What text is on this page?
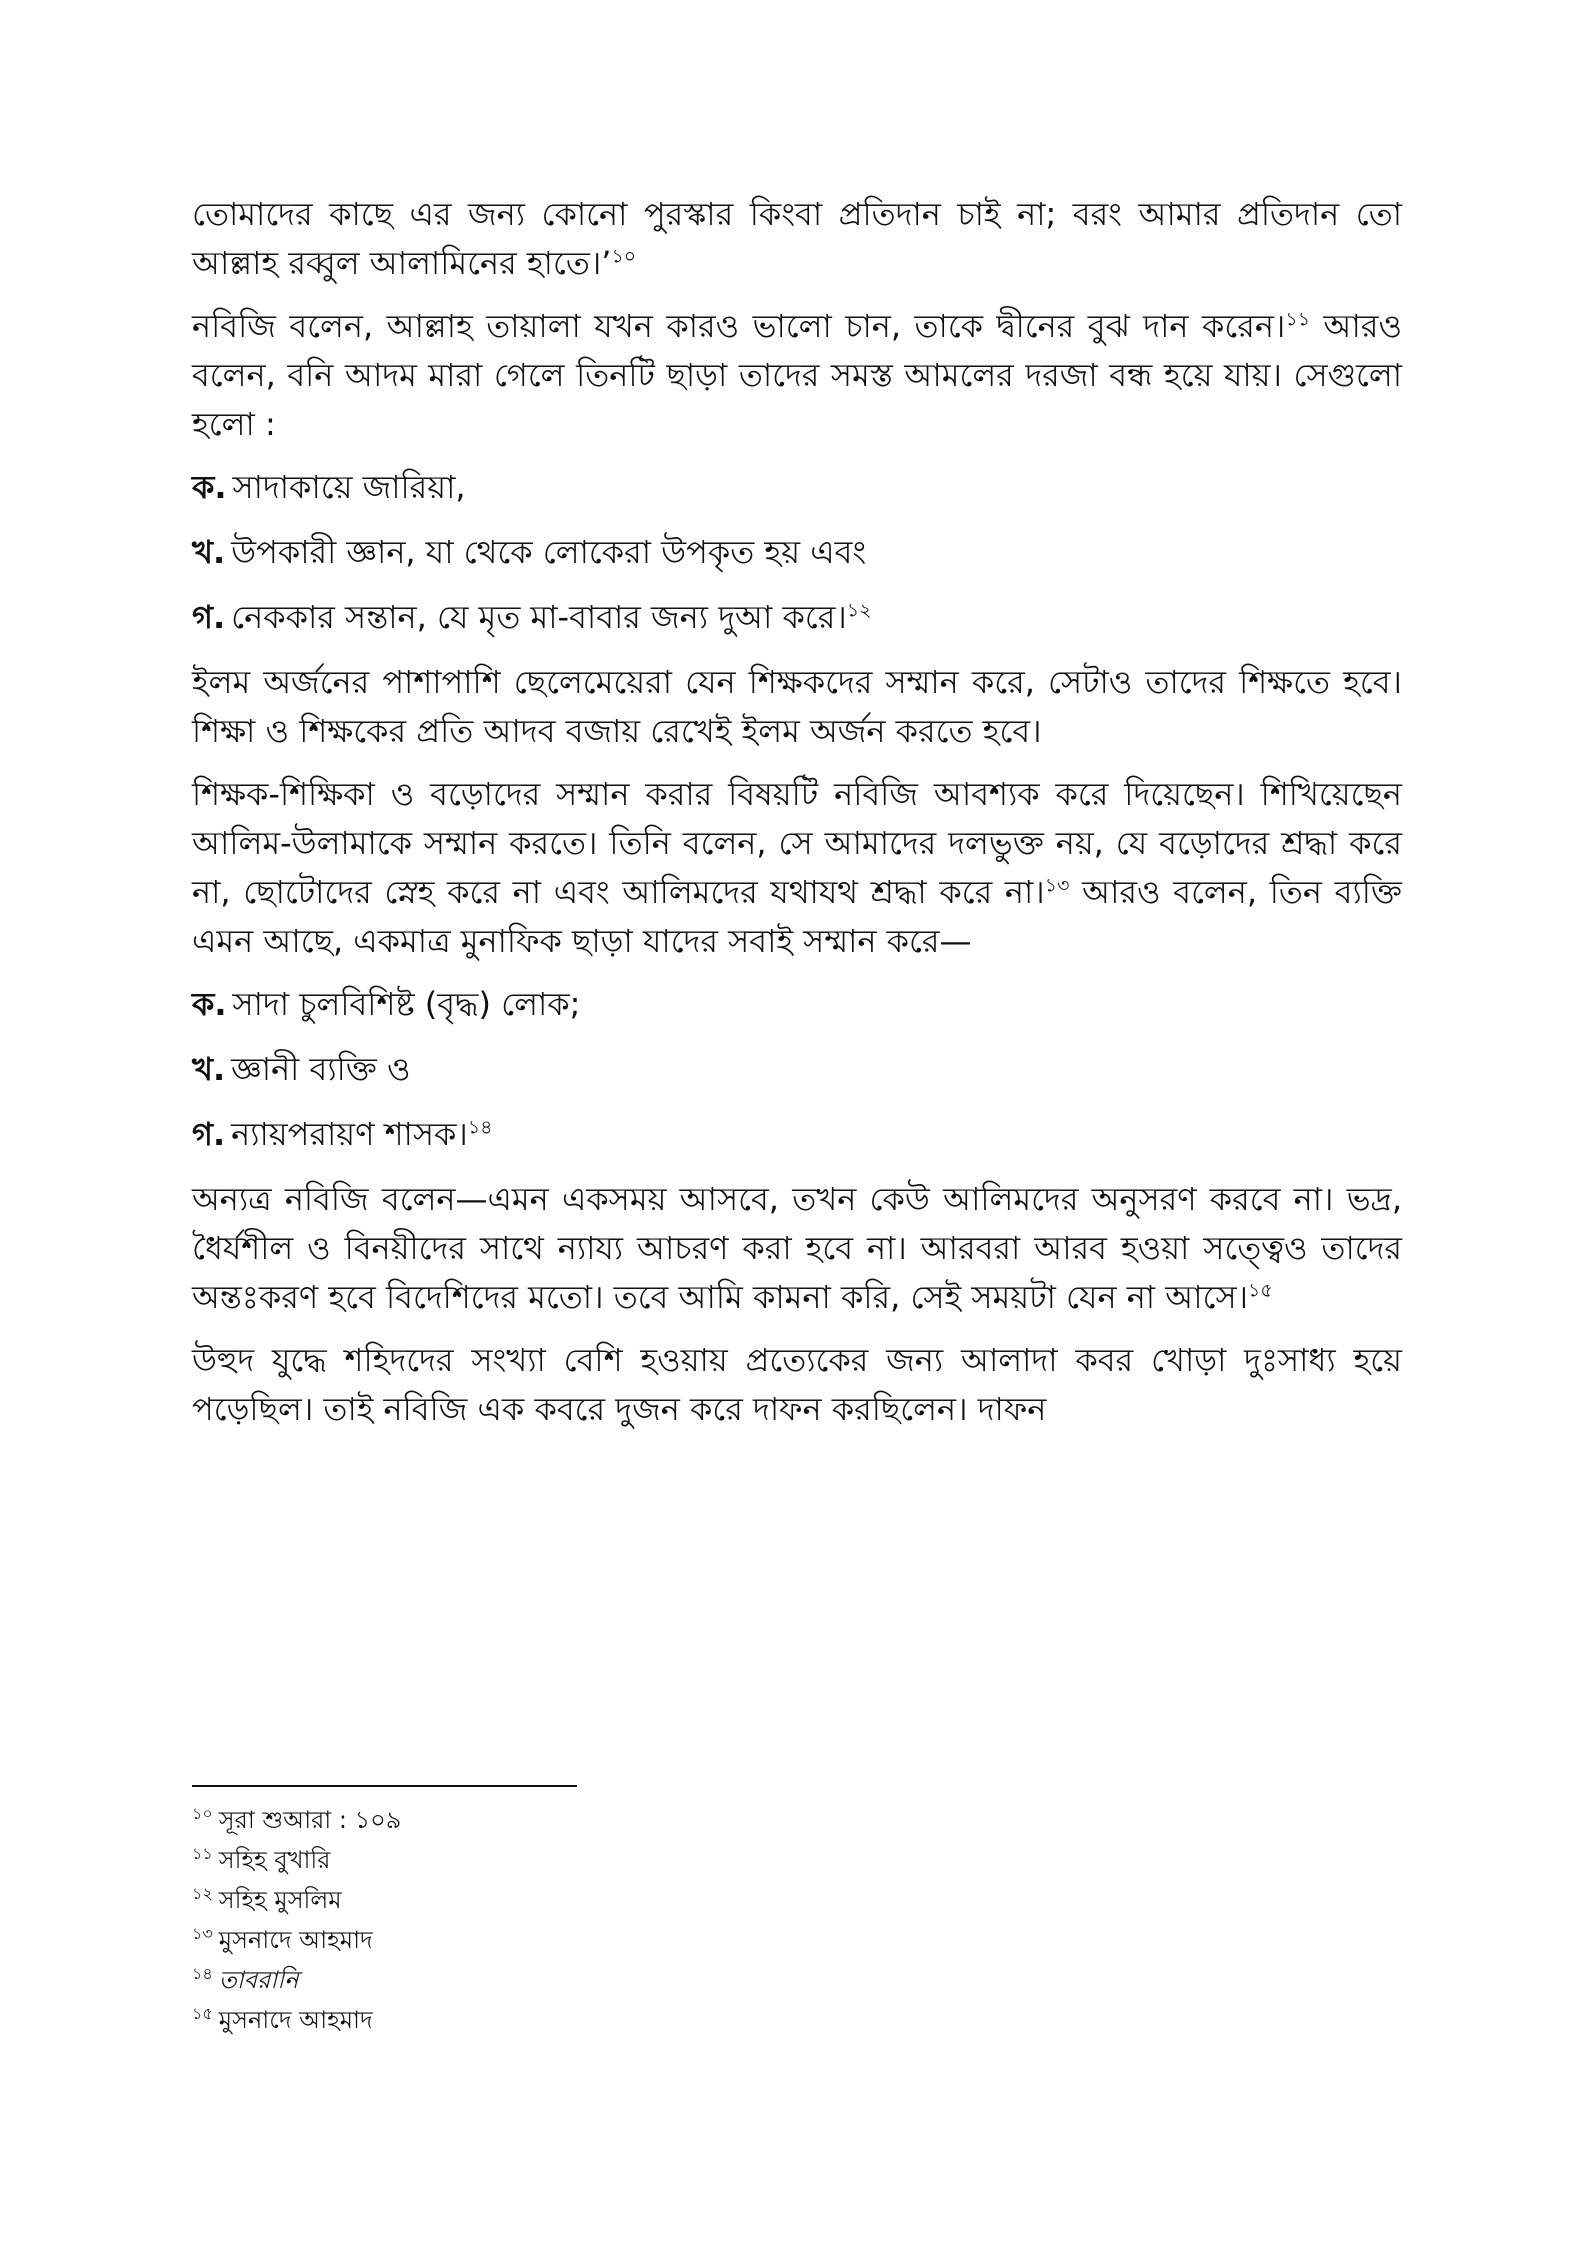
তোমাদের কাছে এর জন্য কোনো পুরস্কার কিংবা প্রতিদান চাই না; বরং আমার প্রতিদান তো আল্লাহ রব্বুল আলামিনের হাতে।’$^{১০}$

নবিজি বলেন, আল্লাহ তায়ালা যখন কারও ভালো চান, তাকে দ্বীনের বুঝ দান করেন।$^{১১}$ আরও বলেন, বনি আদম মারা গেলে তিনটি ছাড়া তাদের সমস্ত আমলের দরজা বন্ধ হয়ে যায়। সেগুলো হলো :

ক. সাদাকায়ে জারিয়া,
খ. উপকারী জ্ঞান, যা থেকে লোকেরা উপকৃত হয় এবং
গ. নেককার সন্তান, যে মৃত মা-বাবার জন্য দুআ করে।$^{১২}$

ইলম অর্জনের পাশাপাশি ছেলেমেয়েরা যেন শিক্ষকদের সম্মান করে, সেটাও তাদের শিক্ষতে হবে। শিক্ষা ও শিক্ষকের প্রতি আদব বজায় রেখেই ইলম অর্জন করতে হবে।

শিক্ষক-শিক্ষিকা ও বড়োদের সম্মান করার বিষয়টি নবিজি আবশ্যক করে দিয়েছেন। শিখিয়েছেন আলিম-উলামাকে সম্মান করতে। তিনি বলেন, সে আমাদের দলভুক্ত নয়, যে বড়োদের শ্রদ্ধা করে না, ছোটোদের স্নেহ করে না এবং আলিমদের যথাযথ শ্রদ্ধা করে না।$^{১৩}$ আরও বলেন, তিন ব্যক্তি এমন আছে, একমাত্র মুনাফিক ছাড়া যাদের সবাই সম্মান করে—

ক. সাদা চুলবিশিষ্ট (বৃদ্ধ) লোক;
খ. জ্ঞানী ব্যক্তি ও
গ. ন্যায়পরায়ণ শাসক।$^{১৪}$

অন্যত্র নবিজি বলেন—এমন একসময় আসবে, তখন কেউ আলিমদের অনুসরণ করবে না। ভদ্র, ধৈর্যশীল ও বিনয়ীদের সাথে ন্যায্য আচরণ করা হবে না। আরবরা আরব হওয়া সত্ত্বেও তাদের অন্তঃকরণ হবে বিদেশিদের মতো। তবে আমি কামনা করি, সেই সময়টা যেন না আসে।$^{১৫}$

উহুদ যুদ্ধে শহিদদের সংখ্যা বেশি হওয়ায় প্রত্যেকের জন্য আলাদা কবর খোড়া দুঃসাধ্য হয়ে পড়েছিল। তাই নবিজি এক কবরে দুজন করে দাফন করছিলেন। দাফন

$^{১০}$ সূরা শুআরা : ১০৯

$^{১১}$ সহিহ বুখারি

$^{১২}$ সহিহ মুসলিম

$^{১৩}$ মুসনাদে আহমাদ

$^{১৪}$ তাবরানি

$^{১৫}$ মুসনাদে আহমাদ
